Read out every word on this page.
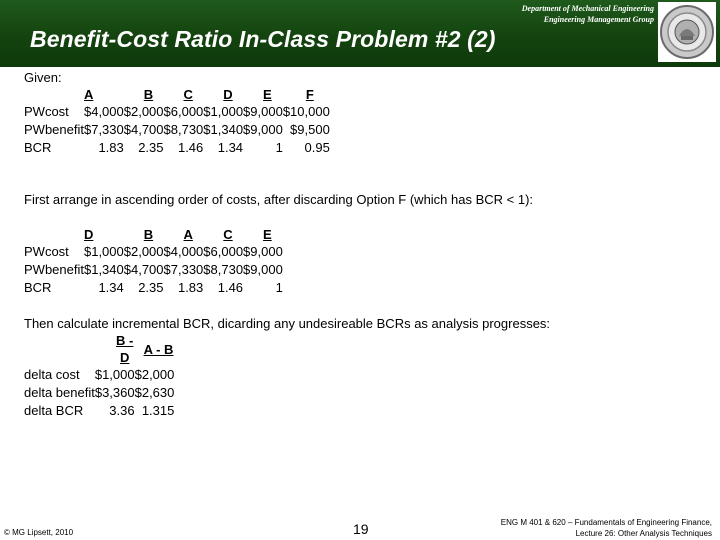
Department of Mechanical Engineering
Engineering Management Group
Benefit-Cost Ratio In-Class Problem #2 (2)
Given:
	A	B	C	D	E	F
PWcost	$4,000	$2,000	$6,000	$1,000	$9,000	$10,000
PWbenefit	$7,330	$4,700	$8,730	$1,340	$9,000	$9,500
BCR	1.83	2.35	1.46	1.34	1	0.95
First arrange in ascending order of costs, after discarding Option F (which has BCR < 1):
	D	B	A	C	E
PWcost	$1,000	$2,000	$4,000	$6,000	$9,000
PWbenefit	$1,340	$4,700	$7,330	$8,730	$9,000
BCR	1.34	2.35	1.83	1.46	1
Then calculate incremental BCR, dicarding any undesireable BCRs as analysis progresses:
	B - D	A - B
delta cost	$1,000	$2,000
delta benefit	$3,360	$2,630
delta BCR	3.36	1.315
© MG Lipsett, 2010	19	ENG M 401 & 620 – Fundamentals of Engineering Finance,
Lecture 26: Other Analysis Techniques
